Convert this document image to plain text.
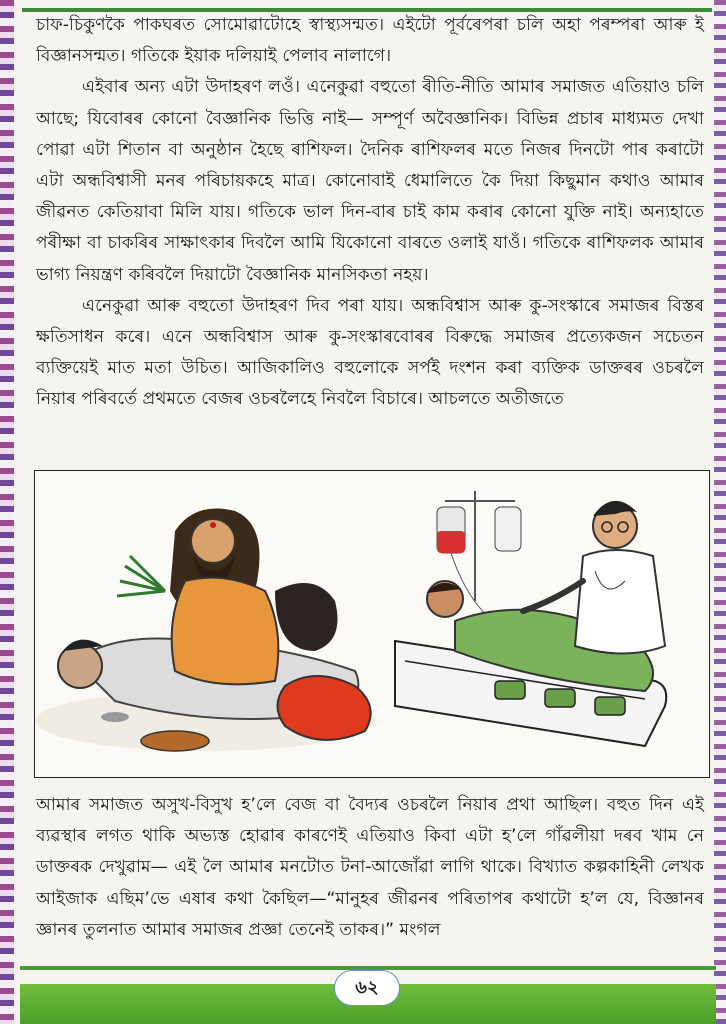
চাফ-চিকুণকৈ পাকঘৰত সোমোৱাটোহে স্বাস্থ্যসন্মত। এইটো পূৰ্বৰেপৰা চলি অহা পৰম্পৰা আৰু ই বিজ্ঞানসন্মত। গতিকে ইয়াক দলিয়াই পেলাব নালাগে।

এইবাৰ অন্য এটা উদাহৰণ লওঁ। এনেকুৱা বহুতো ৰীতি-নীতি আমাৰ সমাজত এতিয়াও চলি আছে; যিবোৰৰ কোনো বৈজ্ঞানিক ভিত্তি নাই— সম্পূৰ্ণ অবৈজ্ঞানিক। বিভিন্ন প্ৰচাৰ মাধ্যমত দেখা পোৱা এটা শিতান বা অনুষ্ঠান হৈছে ৰাশিফল। দৈনিক ৰাশিফলৰ মতে নিজৰ দিনটো পাৰ কৰাটো এটা অন্ধবিশ্বাসী মনৰ পৰিচায়কহে মাত্ৰ। কোনোবাই ধেমালিতে কৈ দিয়া কিছুমান কথাও আমাৰ জীৱনত কেতিয়াবা মিলি যায়। গতিকে ভাল দিন-বাৰ চাই কাম কৰাৰ কোনো যুক্তি নাই। অন্যহাতে পৰীক্ষা বা চাকৰিৰ সাক্ষাৎকাৰ দিবলৈ আমি যিকোনো বাৰতে ওলাই যাওঁ। গতিকে ৰাশিফলক আমাৰ ভাগ্য নিয়ন্ত্ৰণ কৰিবলৈ দিয়াটো বৈজ্ঞানিক মানসিকতা নহয়।

এনেকুৱা আৰু বহুতো উদাহৰণ দিব পৰা যায়। অন্ধবিশ্বাস আৰু কু-সংস্কাৰে সমাজৰ বিস্তৰ ক্ষতিসাধন কৰে। এনে অন্ধবিশ্বাস আৰু কু-সংস্কাৰবোৰৰ বিৰুদ্ধে সমাজৰ প্ৰত্যেকজন সচেতন ব্যক্তিয়েই মাত মতা উচিত। আজিকালিও বহুলোকে সৰ্পই দংশন কৰা ব্যক্তিক ডাক্তৰৰ ওচৰলৈ নিয়াৰ পৰিবৰ্তে প্ৰথমতে বেজৰ ওচৰলৈহে নিবলৈ বিচাৰে। আচলতে অতীজতে

আমাৰ সমাজত অসুখ-বিসুখ হ’লে বেজ বা বৈদ্যৰ ওচৰলৈ নিয়াৰ প্ৰথা আছিল। বহুত দিন এই ব্যৱস্থাৰ লগত থাকি অভ্যস্ত হোৱাৰ কাৰণেই এতিয়াও কিবা এটা হ’লে গাঁৱলীয়া দৰব খাম নে ডাক্তৰক দেখুৱাম— এই লৈ আমাৰ মনটোত টনা-আজোঁৱা লাগি থাকে। বিখ্যাত কল্পকাহিনী লেখক আইজাক এছিম’ভে এষাৰ কথা কৈছিল—“মানুহৰ জীৱনৰ পৰিতাপৰ কথাটো হ’ল যে, বিজ্ঞানৰ জ্ঞানৰ তুলনাত আমাৰ সমাজৰ প্ৰজ্ঞা তেনেই তাকৰ।” মংগল

৬২
